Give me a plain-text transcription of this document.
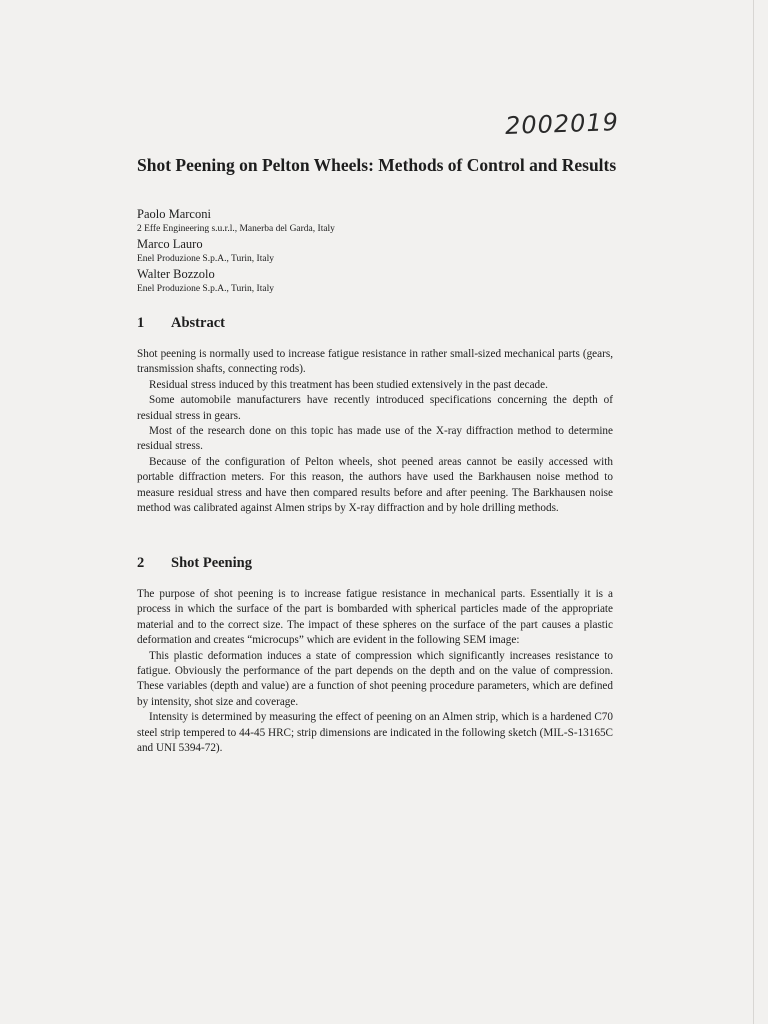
2002019
Shot Peening on Pelton Wheels: Methods of Control and Results
Paolo Marconi
2 Effe Engineering s.u.r.l., Manerba del Garda, Italy
Marco Lauro
Enel Produzione S.p.A., Turin, Italy
Walter Bozzolo
Enel Produzione S.p.A., Turin, Italy
1 Abstract

Shot peening is normally used to increase fatigue resistance in rather small-sized mechanical parts (gears, transmission shafts, connecting rods).

Residual stress induced by this treatment has been studied extensively in the past decade.

Some automobile manufacturers have recently introduced specifications concerning the depth of residual stress in gears.

Most of the research done on this topic has made use of the X-ray diffraction method to determine residual stress.

Because of the configuration of Pelton wheels, shot peened areas cannot be easily accessed with portable diffraction meters. For this reason, the authors have used the Barkhausen noise method to measure residual stress and have then compared results before and after peening. The Barkhausen noise method was calibrated against Almen strips by X-ray diffraction and by hole drilling methods.

2 Shot Peening

The purpose of shot peening is to increase fatigue resistance in mechanical parts. Essentially it is a process in which the surface of the part is bombarded with spherical particles made of the appropriate material and to the correct size. The impact of these spheres on the surface of the part causes a plastic deformation and creates “microcups” which are evident in the following SEM image:

This plastic deformation induces a state of compression which significantly increases resistance to fatigue. Obviously the performance of the part depends on the depth and on the value of compression. These variables (depth and value) are a function of shot peening procedure parameters, which are defined by intensity, shot size and coverage.

Intensity is determined by measuring the effect of peening on an Almen strip, which is a hardened C70 steel strip tempered to 44-45 HRC; strip dimensions are indicated in the following sketch (MIL-S-13165C and UNI 5394-72).
